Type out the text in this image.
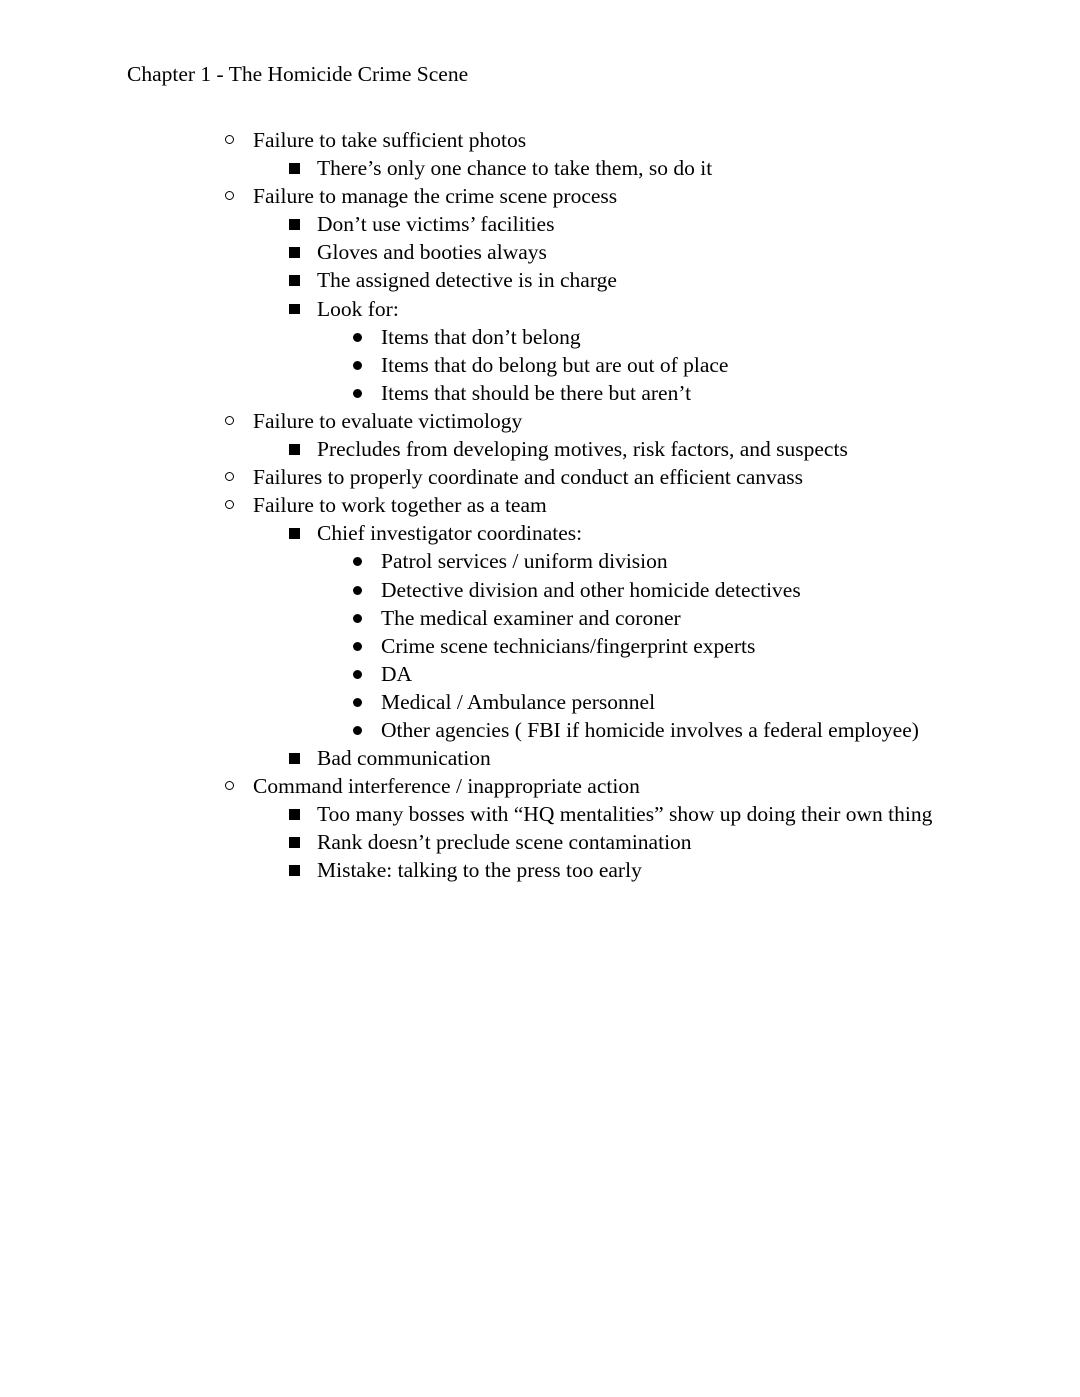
Chapter 1 - The Homicide Crime Scene
Failure to take sufficient photos
There’s only one chance to take them, so do it
Failure to manage the crime scene process
Don’t use victims’ facilities
Gloves and booties always
The assigned detective is in charge
Look for:
Items that don’t belong
Items that do belong but are out of place
Items that should be there but aren’t
Failure to evaluate victimology
Precludes from developing motives, risk factors, and suspects
Failures to properly coordinate and conduct an efficient canvass
Failure to work together as a team
Chief investigator coordinates:
Patrol services / uniform division
Detective division and other homicide detectives
The medical examiner and coroner
Crime scene technicians/fingerprint experts
DA
Medical / Ambulance personnel
Other agencies ( FBI if homicide involves a federal employee)
Bad communication
Command interference / inappropriate action
Too many bosses with “HQ mentalities” show up doing their own thing
Rank doesn’t preclude scene contamination
Mistake: talking to the press too early
